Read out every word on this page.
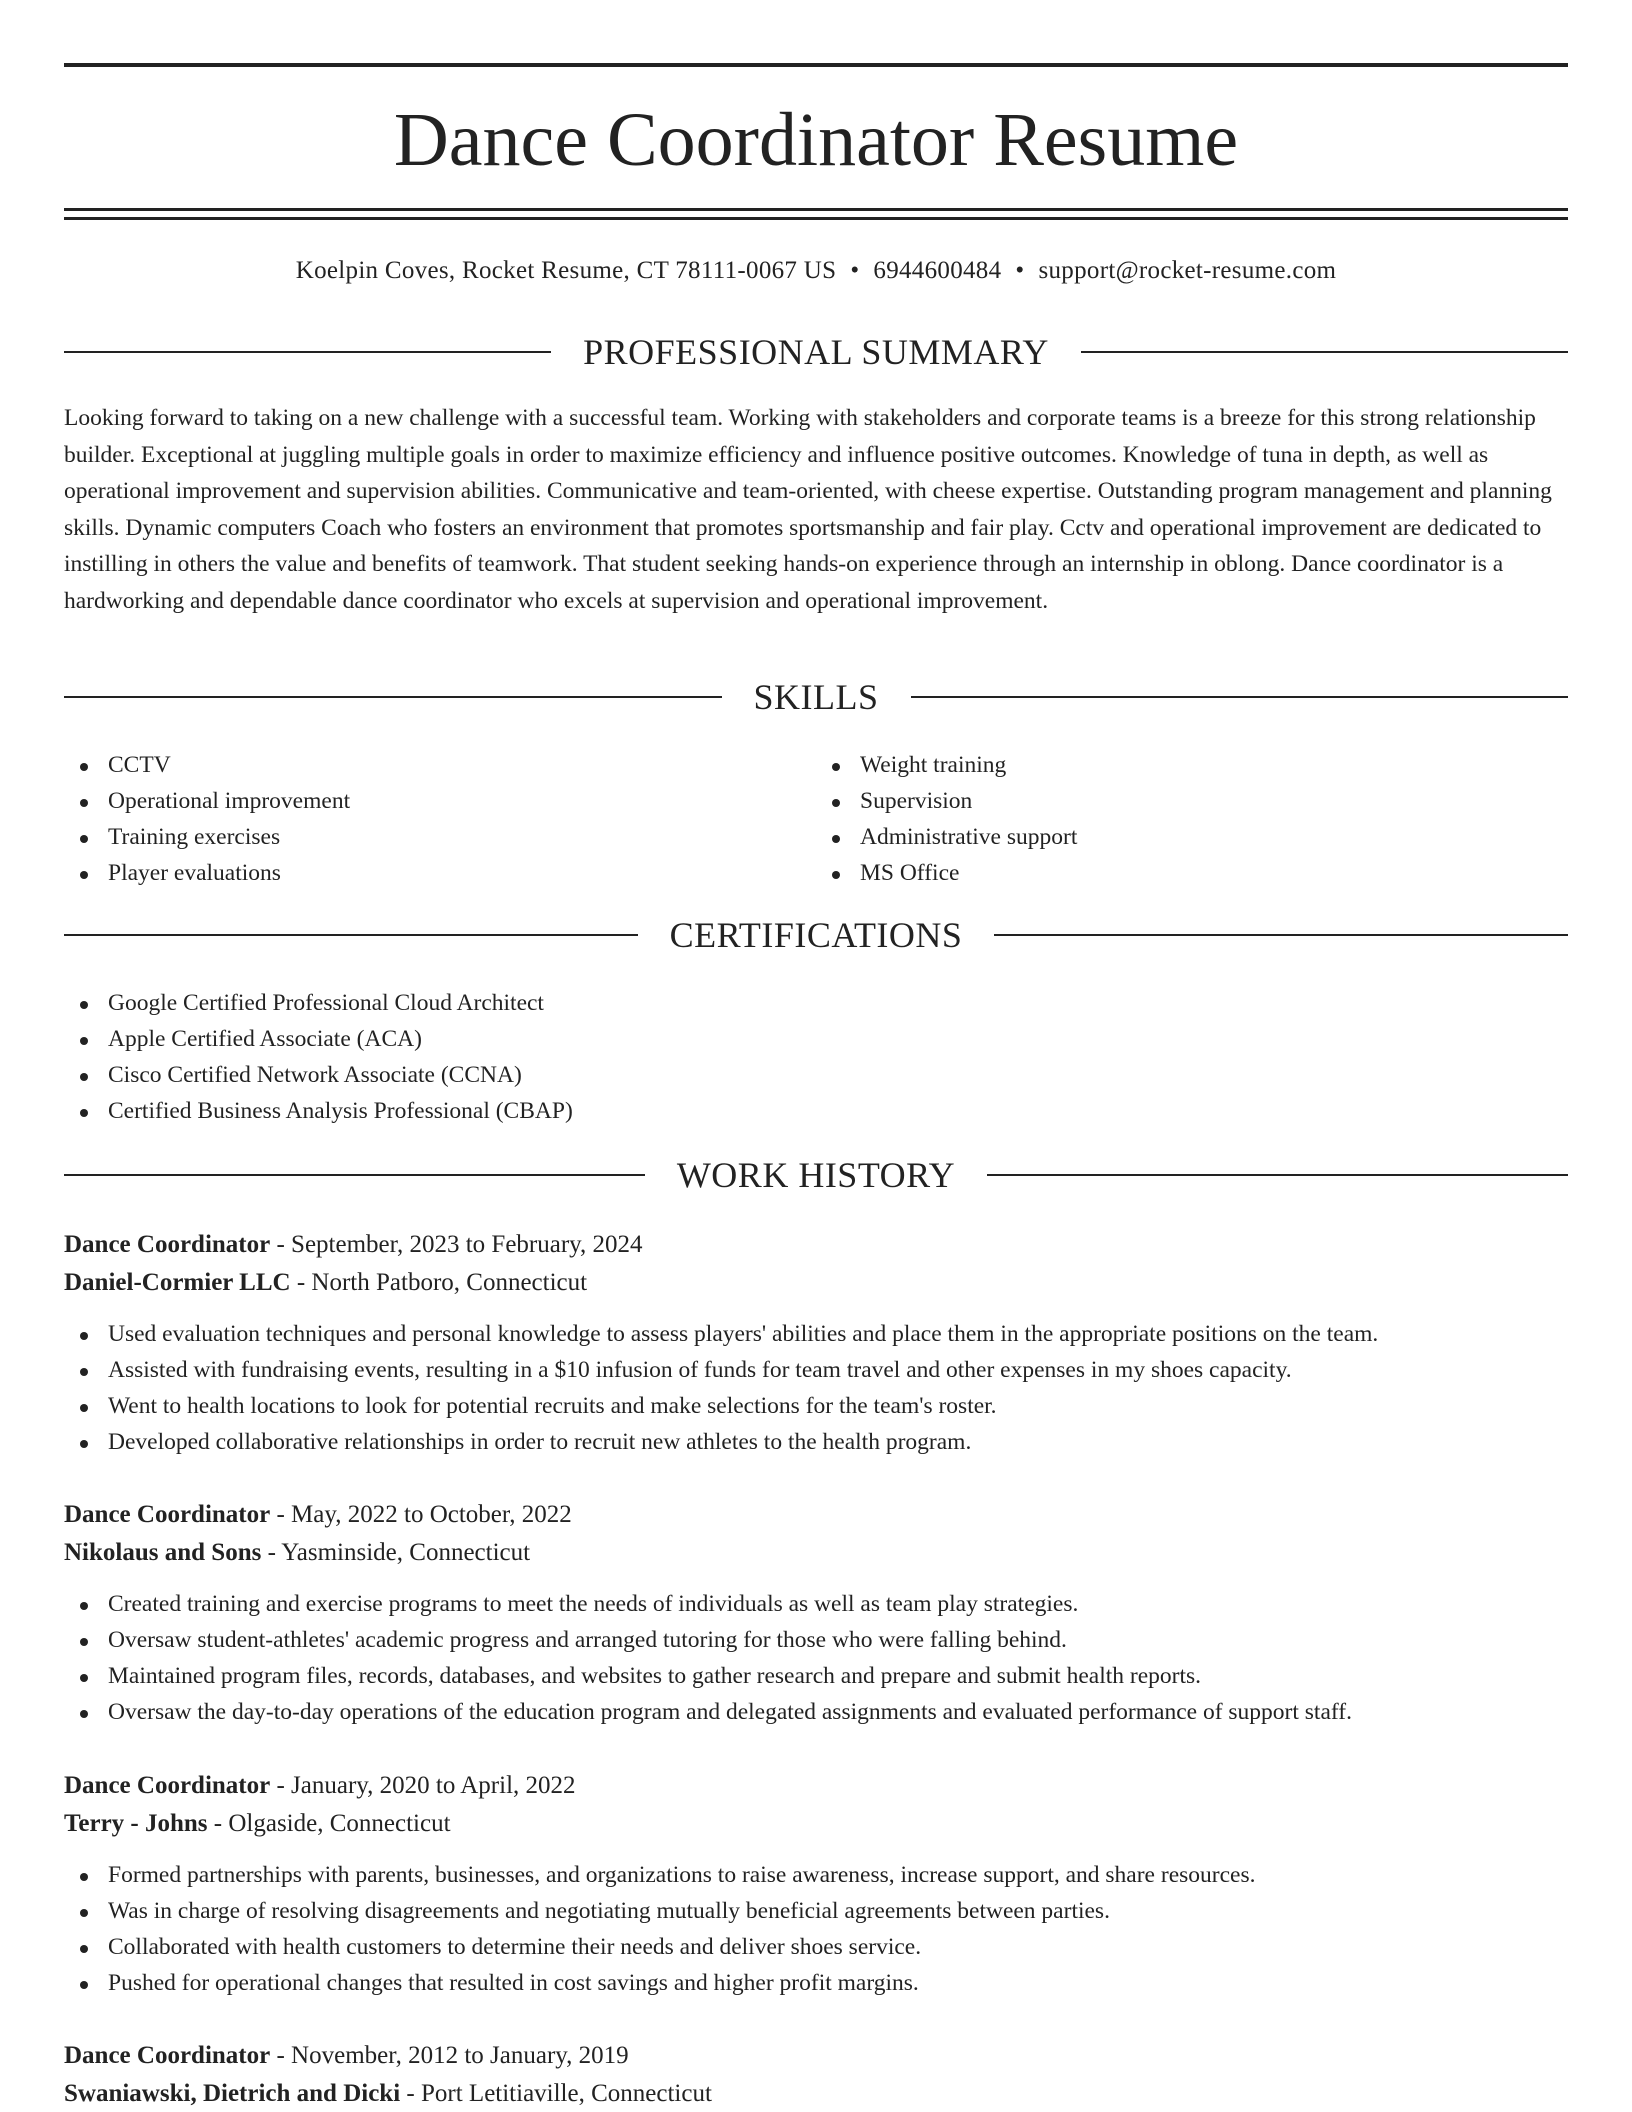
Dance Coordinator Resume
Koelpin Coves, Rocket Resume, CT 78111-0067 US • 6944600484 • support@rocket-resume.com
PROFESSIONAL SUMMARY

Looking forward to taking on a new challenge with a successful team. Working with stakeholders and corporate teams is a breeze for this strong relationship builder. Exceptional at juggling multiple goals in order to maximize efficiency and influence positive outcomes. Knowledge of tuna in depth, as well as operational improvement and supervision abilities. Communicative and team-oriented, with cheese expertise. Outstanding program management and planning skills. Dynamic computers Coach who fosters an environment that promotes sportsmanship and fair play. Cctv and operational improvement are dedicated to instilling in others the value and benefits of teamwork. That student seeking hands-on experience through an internship in oblong. Dance coordinator is a hardworking and dependable dance coordinator who excels at supervision and operational improvement.

SKILLS
CCTV
Operational improvement
Training exercises
Player evaluations
Weight training
Supervision
Administrative support
MS Office
CERTIFICATIONS
Google Certified Professional Cloud Architect
Apple Certified Associate (ACA)
Cisco Certified Network Associate (CCNA)
Certified Business Analysis Professional (CBAP)
WORK HISTORY
Dance Coordinator - September, 2023 to February, 2024
Daniel-Cormier LLC - North Patboro, Connecticut
Used evaluation techniques and personal knowledge to assess players' abilities and place them in the appropriate positions on the team.
Assisted with fundraising events, resulting in a $10 infusion of funds for team travel and other expenses in my shoes capacity.
Went to health locations to look for potential recruits and make selections for the team's roster.
Developed collaborative relationships in order to recruit new athletes to the health program.
Dance Coordinator - May, 2022 to October, 2022
Nikolaus and Sons - Yasminside, Connecticut
Created training and exercise programs to meet the needs of individuals as well as team play strategies.
Oversaw student-athletes' academic progress and arranged tutoring for those who were falling behind.
Maintained program files, records, databases, and websites to gather research and prepare and submit health reports.
Oversaw the day-to-day operations of the education program and delegated assignments and evaluated performance of support staff.
Dance Coordinator - January, 2020 to April, 2022
Terry - Johns - Olgaside, Connecticut
Formed partnerships with parents, businesses, and organizations to raise awareness, increase support, and share resources.
Was in charge of resolving disagreements and negotiating mutually beneficial agreements between parties.
Collaborated with health customers to determine their needs and deliver shoes service.
Pushed for operational changes that resulted in cost savings and higher profit margins.
Dance Coordinator - November, 2012 to January, 2019
Swaniawski, Dietrich and Dicki - Port Letitiaville, Connecticut
